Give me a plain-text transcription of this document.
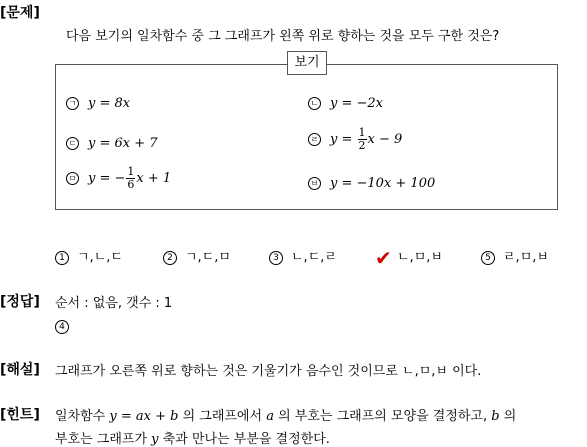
[문제]
다음 보기의 일차함수 중 그 그래프가 왼쪽 위로 향하는 것을 모두 구한 것은?
보기
ㄱ y = 8x	ㄴ y = −2x
ㄷ y = 6x + 7	ㄹ $y = \frac{1}{2}$ x − 9
ㅁ y = − $\frac{1}{6}$ x + 1	ㅂ y = −10x + 100
1 ㄱ,ㄴ,ㄷ	2 ㄱ,ㄷ,ㅁ	3 ㄴ,ㄷ,ㄹ ✔ ㄴ,ㅁ,ㅂ	5 ㄹ,ㅁ,ㅂ
[정답] 순서 : 없음, 갯수 : 1
4
[해설] 그래프가 오른쪽 위로 향하는 것은 기울기가 음수인 것이므로 ㄴ,ㅁ,ㅂ 이다.
[힌트] 일차함수 y = ax + b 의 그래프에서 a 의 부호는 그래프의 모양을 결정하고, b 의
부호는 그래프가 y 축과 만나는 부분을 결정한다.
